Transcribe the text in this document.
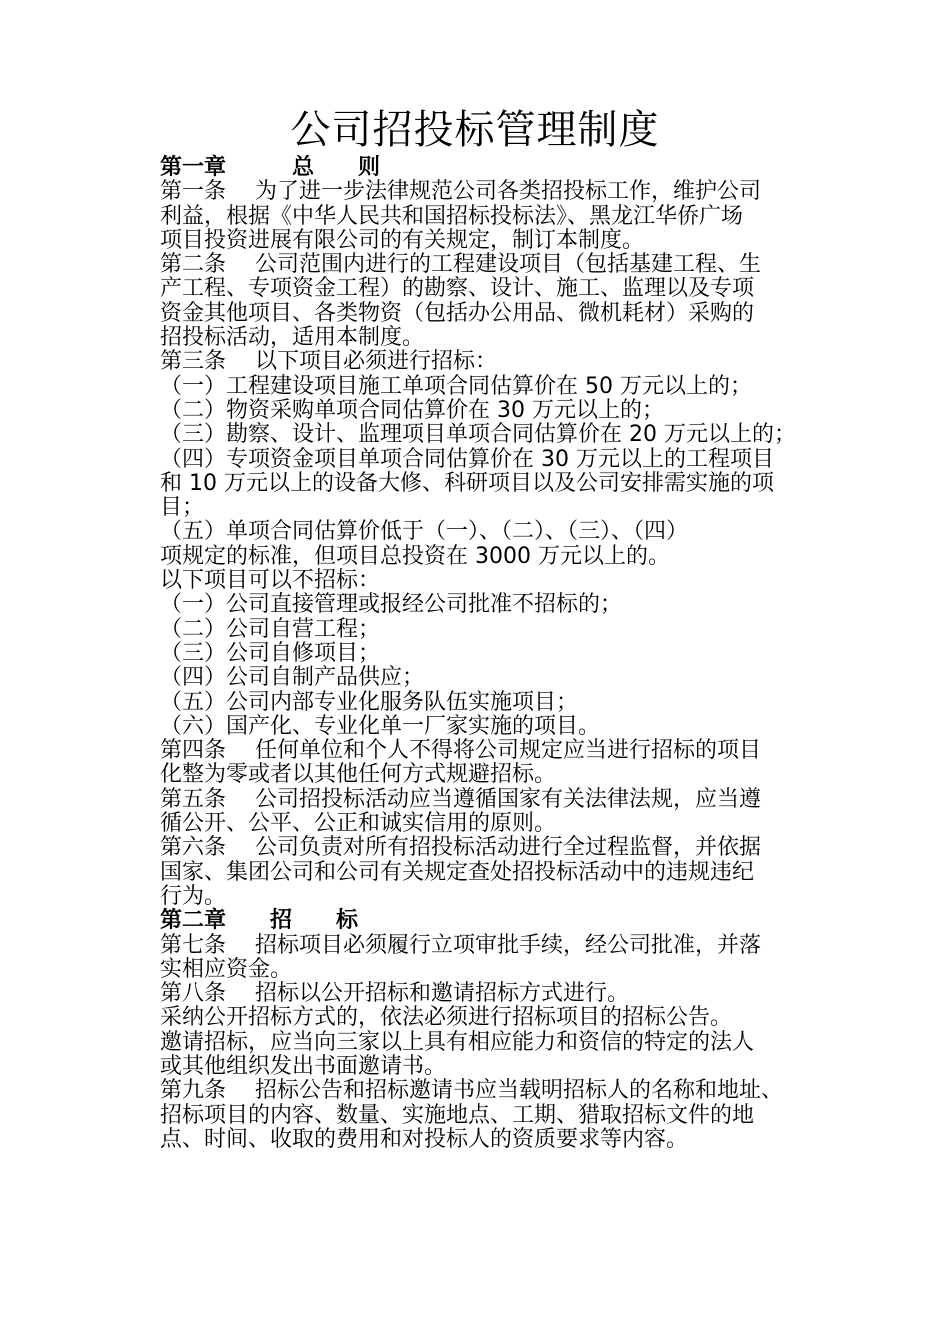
公司招投标管理制度
第一章　　　总　　则
第一条　 为了进一步法律规范公司各类招投标工作，维护公司
利益，根据《中华人民共和国招标投标法》、黑龙江华侨广场
项目投资进展有限公司的有关规定，制订本制度。
第二条　 公司范围内进行的工程建设项目（包括基建工程、生
产工程、专项资金工程）的勘察、设计、施工、监理以及专项
资金其他项目、各类物资（包括办公用品、微机耗材）采购的
招投标活动，适用本制度。
第三条　 以下项目必须进行招标：
（一）工程建设项目施工单项合同估算价在 50 万元以上的；
（二）物资采购单项合同估算价在 30 万元以上的；
（三）勘察、设计、监理项目单项合同估算价在 20 万元以上的；
（四）专项资金项目单项合同估算价在 30 万元以上的工程项目
和 10 万元以上的设备大修、科研项目以及公司安排需实施的项
目；
（五）单项合同估算价低于（一）、（二）、（三）、（四）
项规定的标准，但项目总投资在 3000 万元以上的。
以下项目可以不招标：
（一）公司直接管理或报经公司批准不招标的；
（二）公司自营工程；
（三）公司自修项目；
（四）公司自制产品供应；
（五）公司内部专业化服务队伍实施项目；
（六）国产化、专业化单一厂家实施的项目。
第四条　 任何单位和个人不得将公司规定应当进行招标的项目
化整为零或者以其他任何方式规避招标。
第五条　 公司招投标活动应当遵循国家有关法律法规，应当遵
循公开、公平、公正和诚实信用的原则。
第六条　 公司负责对所有招投标活动进行全过程监督，并依据
国家、集团公司和公司有关规定查处招投标活动中的违规违纪
行为。
第二章　　招　　标
第七条　 招标项目必须履行立项审批手续，经公司批准，并落
实相应资金。
第八条　 招标以公开招标和邀请招标方式进行。
采纳公开招标方式的，依法必须进行招标项目的招标公告。
邀请招标，应当向三家以上具有相应能力和资信的特定的法人
或其他组织发出书面邀请书。
第九条　 招标公告和招标邀请书应当载明招标人的名称和地址、
招标项目的内容、数量、实施地点、工期、猎取招标文件的地
点、时间、收取的费用和对投标人的资质要求等内容。
